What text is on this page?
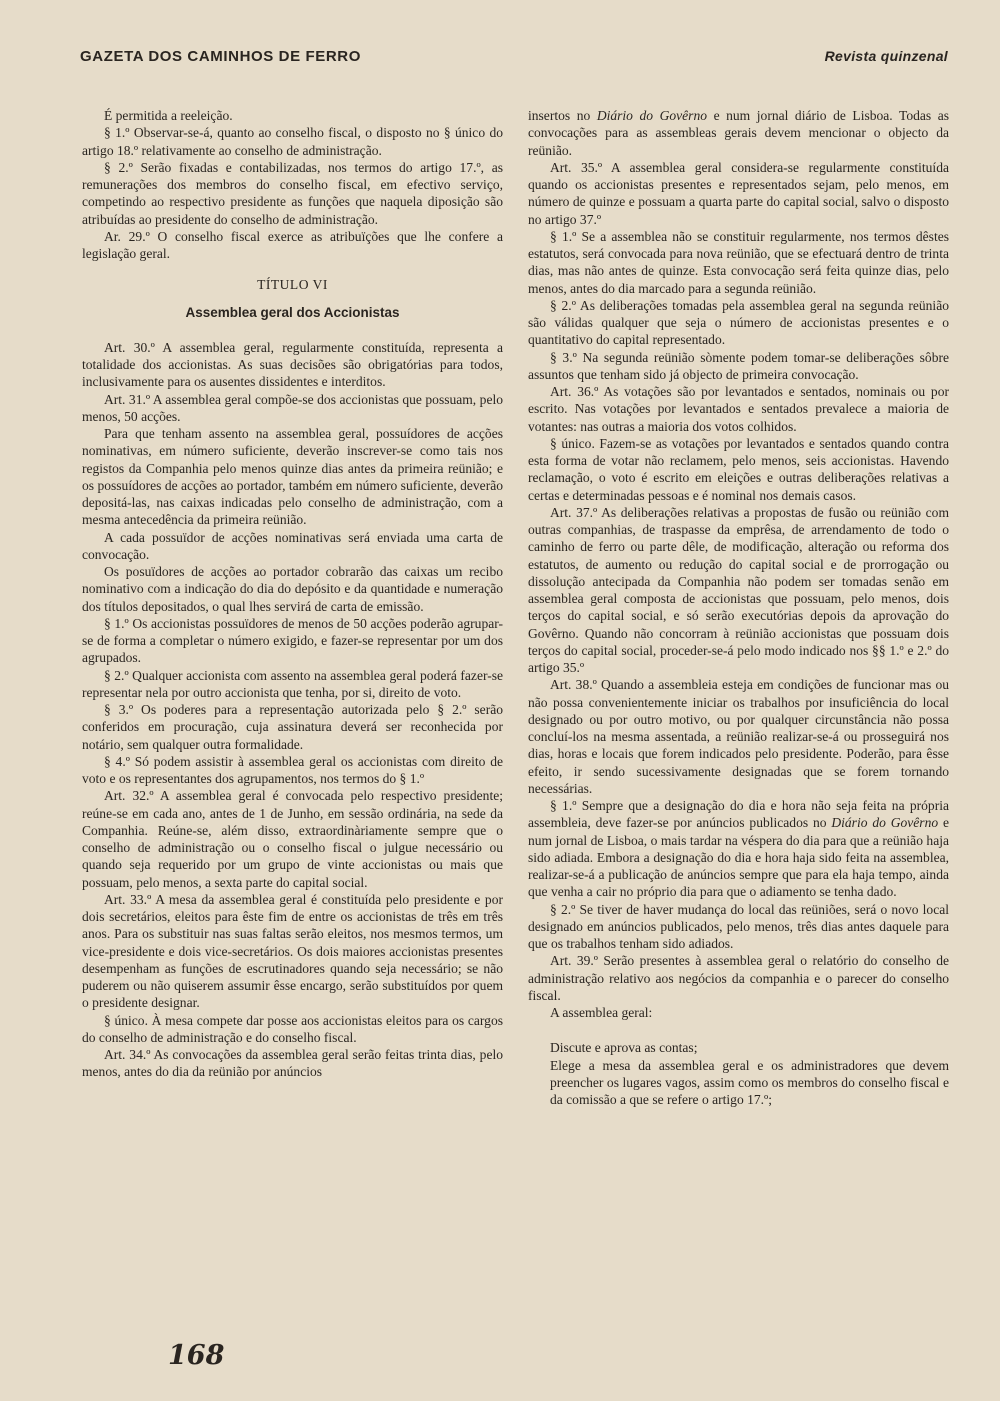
GAZETA DOS CAMINHOS DE FERRO	Revista quinzenal

É permitida a reeleição.

§ 1.º Observar-se-á, quanto ao conselho fiscal, o disposto no § único do artigo 18.º relativamente ao conselho de administração.

§ 2.º Serão fixadas e contabilizadas, nos termos do artigo 17.º, as remunerações dos membros do conselho fiscal, em efectivo serviço, competindo ao respectivo presidente as funções que naquela diposição são atribuídas ao presidente do conselho de administração.

Ar. 29.º O conselho fiscal exerce as atribuïções que lhe confere a legislação geral.

TÍTULO VI

Assemblea geral dos Accionistas

Art. 30.º A assemblea geral, regularmente constituída, representa a totalidade dos accionistas. As suas decisões são obrigatórias para todos, inclusivamente para os ausentes dissidentes e interditos.

Art. 31.º A assemblea geral compõe-se dos accionistas que possuam, pelo menos, 50 acções.

Para que tenham assento na assemblea geral, possuídores de acções nominativas, em número suficiente, deverão inscrever-se como tais nos registos da Companhia pelo menos quinze dias antes da primeira reünião; e os possuídores de acções ao portador, também em número suficiente, deverão depositá-las, nas caixas indicadas pelo conselho de administração, com a mesma antecedência da primeira reünião.

A cada possuïdor de acções nominativas será enviada uma carta de convocação.

Os posuïdores de acções ao portador cobrarão das caixas um recibo nominativo com a indicação do dia do depósito e da quantidade e numeração dos títulos depositados, o qual lhes servirá de carta de emissão.

§ 1.º Os accionistas possuïdores de menos de 50 acções poderão agrupar-se de forma a completar o número exigido, e fazer-se representar por um dos agrupados.

§ 2.º Qualquer accionista com assento na assemblea geral poderá fazer-se representar nela por outro accionista que tenha, por si, direito de voto.

§ 3.º Os poderes para a representação autorizada pelo § 2.º serão conferidos em procuração, cuja assinatura deverá ser reconhecida por notário, sem qualquer outra formalidade.

§ 4.º Só podem assistir à assemblea geral os accionistas com direito de voto e os representantes dos agrupamentos, nos termos do § 1.º

Art. 32.º A assemblea geral é convocada pelo respectivo presidente; reúne-se em cada ano, antes de 1 de Junho, em sessão ordinária, na sede da Companhia. Reúne-se, além disso, extraordinàriamente sempre que o conselho de administração ou o conselho fiscal o julgue necessário ou quando seja requerido por um grupo de vinte accionistas ou mais que possuam, pelo menos, a sexta parte do capital social.

Art. 33.º A mesa da assemblea geral é constituída pelo presidente e por dois secretários, eleitos para êste fim de entre os accionistas de três em três anos. Para os substituir nas suas faltas serão eleitos, nos mesmos termos, um vice-presidente e dois vice-secretários. Os dois maiores accionistas presentes desempenham as funções de escrutinadores quando seja necessário; se não puderem ou não quiserem assumir êsse encargo, serão substituídos por quem o presidente designar.

§ único. À mesa compete dar posse aos accionistas eleitos para os cargos do conselho de administração e do conselho fiscal.

Art. 34.º As convocações da assemblea geral serão feitas trinta dias, pelo menos, antes do dia da reünião por anúncios

insertos no Diário do Govêrno e num jornal diário de Lisboa. Todas as convocações para as assembleas gerais devem mencionar o objecto da reünião.

Art. 35.º A assemblea geral considera-se regularmente constituída quando os accionistas presentes e representados sejam, pelo menos, em número de quinze e possuam a quarta parte do capital social, salvo o disposto no artigo 37.º

§ 1.º Se a assemblea não se constituir regularmente, nos termos dêstes estatutos, será convocada para nova reünião, que se efectuará dentro de trinta dias, mas não antes de quinze. Esta convocação será feita quinze dias, pelo menos, antes do dia marcado para a segunda reünião.

§ 2.º As deliberações tomadas pela assemblea geral na segunda reünião são válidas qualquer que seja o número de accionistas presentes e o quantitativo do capital representado.

§ 3.º Na segunda reünião sòmente podem tomar-se deliberações sôbre assuntos que tenham sido já objecto de primeira convocação.

Art. 36.º As votações são por levantados e sentados, nominais ou por escrito. Nas votações por levantados e sentados prevalece a maioria de votantes: nas outras a maioria dos votos colhidos.

§ único. Fazem-se as votações por levantados e sentados quando contra esta forma de votar não reclamem, pelo menos, seis accionistas. Havendo reclamação, o voto é escrito em eleições e outras deliberações relativas a certas e determinadas pessoas e é nominal nos demais casos.

Art. 37.º As deliberações relativas a propostas de fusão ou reünião com outras companhias, de traspasse da emprêsa, de arrendamento de todo o caminho de ferro ou parte dêle, de modificação, alteração ou reforma dos estatutos, de aumento ou redução do capital social e de prorrogação ou dissolução antecipada da Companhia não podem ser tomadas senão em assemblea geral composta de accionistas que possuam, pelo menos, dois terços do capital social, e só serão executórias depois da aprovação do Govêrno. Quando não concorram à reünião accionistas que possuam dois terços do capital social, proceder-se-á pelo modo indicado nos §§ 1.º e 2.º do artigo 35.º

Art. 38.º Quando a assembleia esteja em condições de funcionar mas ou não possa convenientemente iniciar os trabalhos por insuficiência do local designado ou por outro motivo, ou por qualquer circunstância não possa concluí-los na mesma assentada, a reünião realizar-se-á ou prosseguirá nos dias, horas e locais que forem indicados pelo presidente. Poderão, para êsse efeito, ir sendo sucessivamente designadas que se forem tornando necessárias.

§ 1.º Sempre que a designação do dia e hora não seja feita na própria assembleia, deve fazer-se por anúncios publicados no Diário do Govêrno e num jornal de Lisboa, o mais tardar na véspera do dia para que a reünião haja sido adiada. Embora a designação do dia e hora haja sido feita na assemblea, realizar-se-á a publicação de anúncios sempre que para ela haja tempo, ainda que venha a cair no próprio dia para que o adiamento se tenha dado.

§ 2.º Se tiver de haver mudança do local das reüniões, será o novo local designado em anúncios publicados, pelo menos, três dias antes daquele para que os trabalhos tenham sido adiados.

Art. 39.º Serão presentes à assemblea geral o relatório do conselho de administração relativo aos negócios da companhia e o parecer do conselho fiscal.

A assemblea geral:

Discute e aprova as contas;

Elege a mesa da assemblea geral e os administradores que devem preencher os lugares vagos, assim como os membros do conselho fiscal e da comissão a que se refere o artigo 17.º;

168
